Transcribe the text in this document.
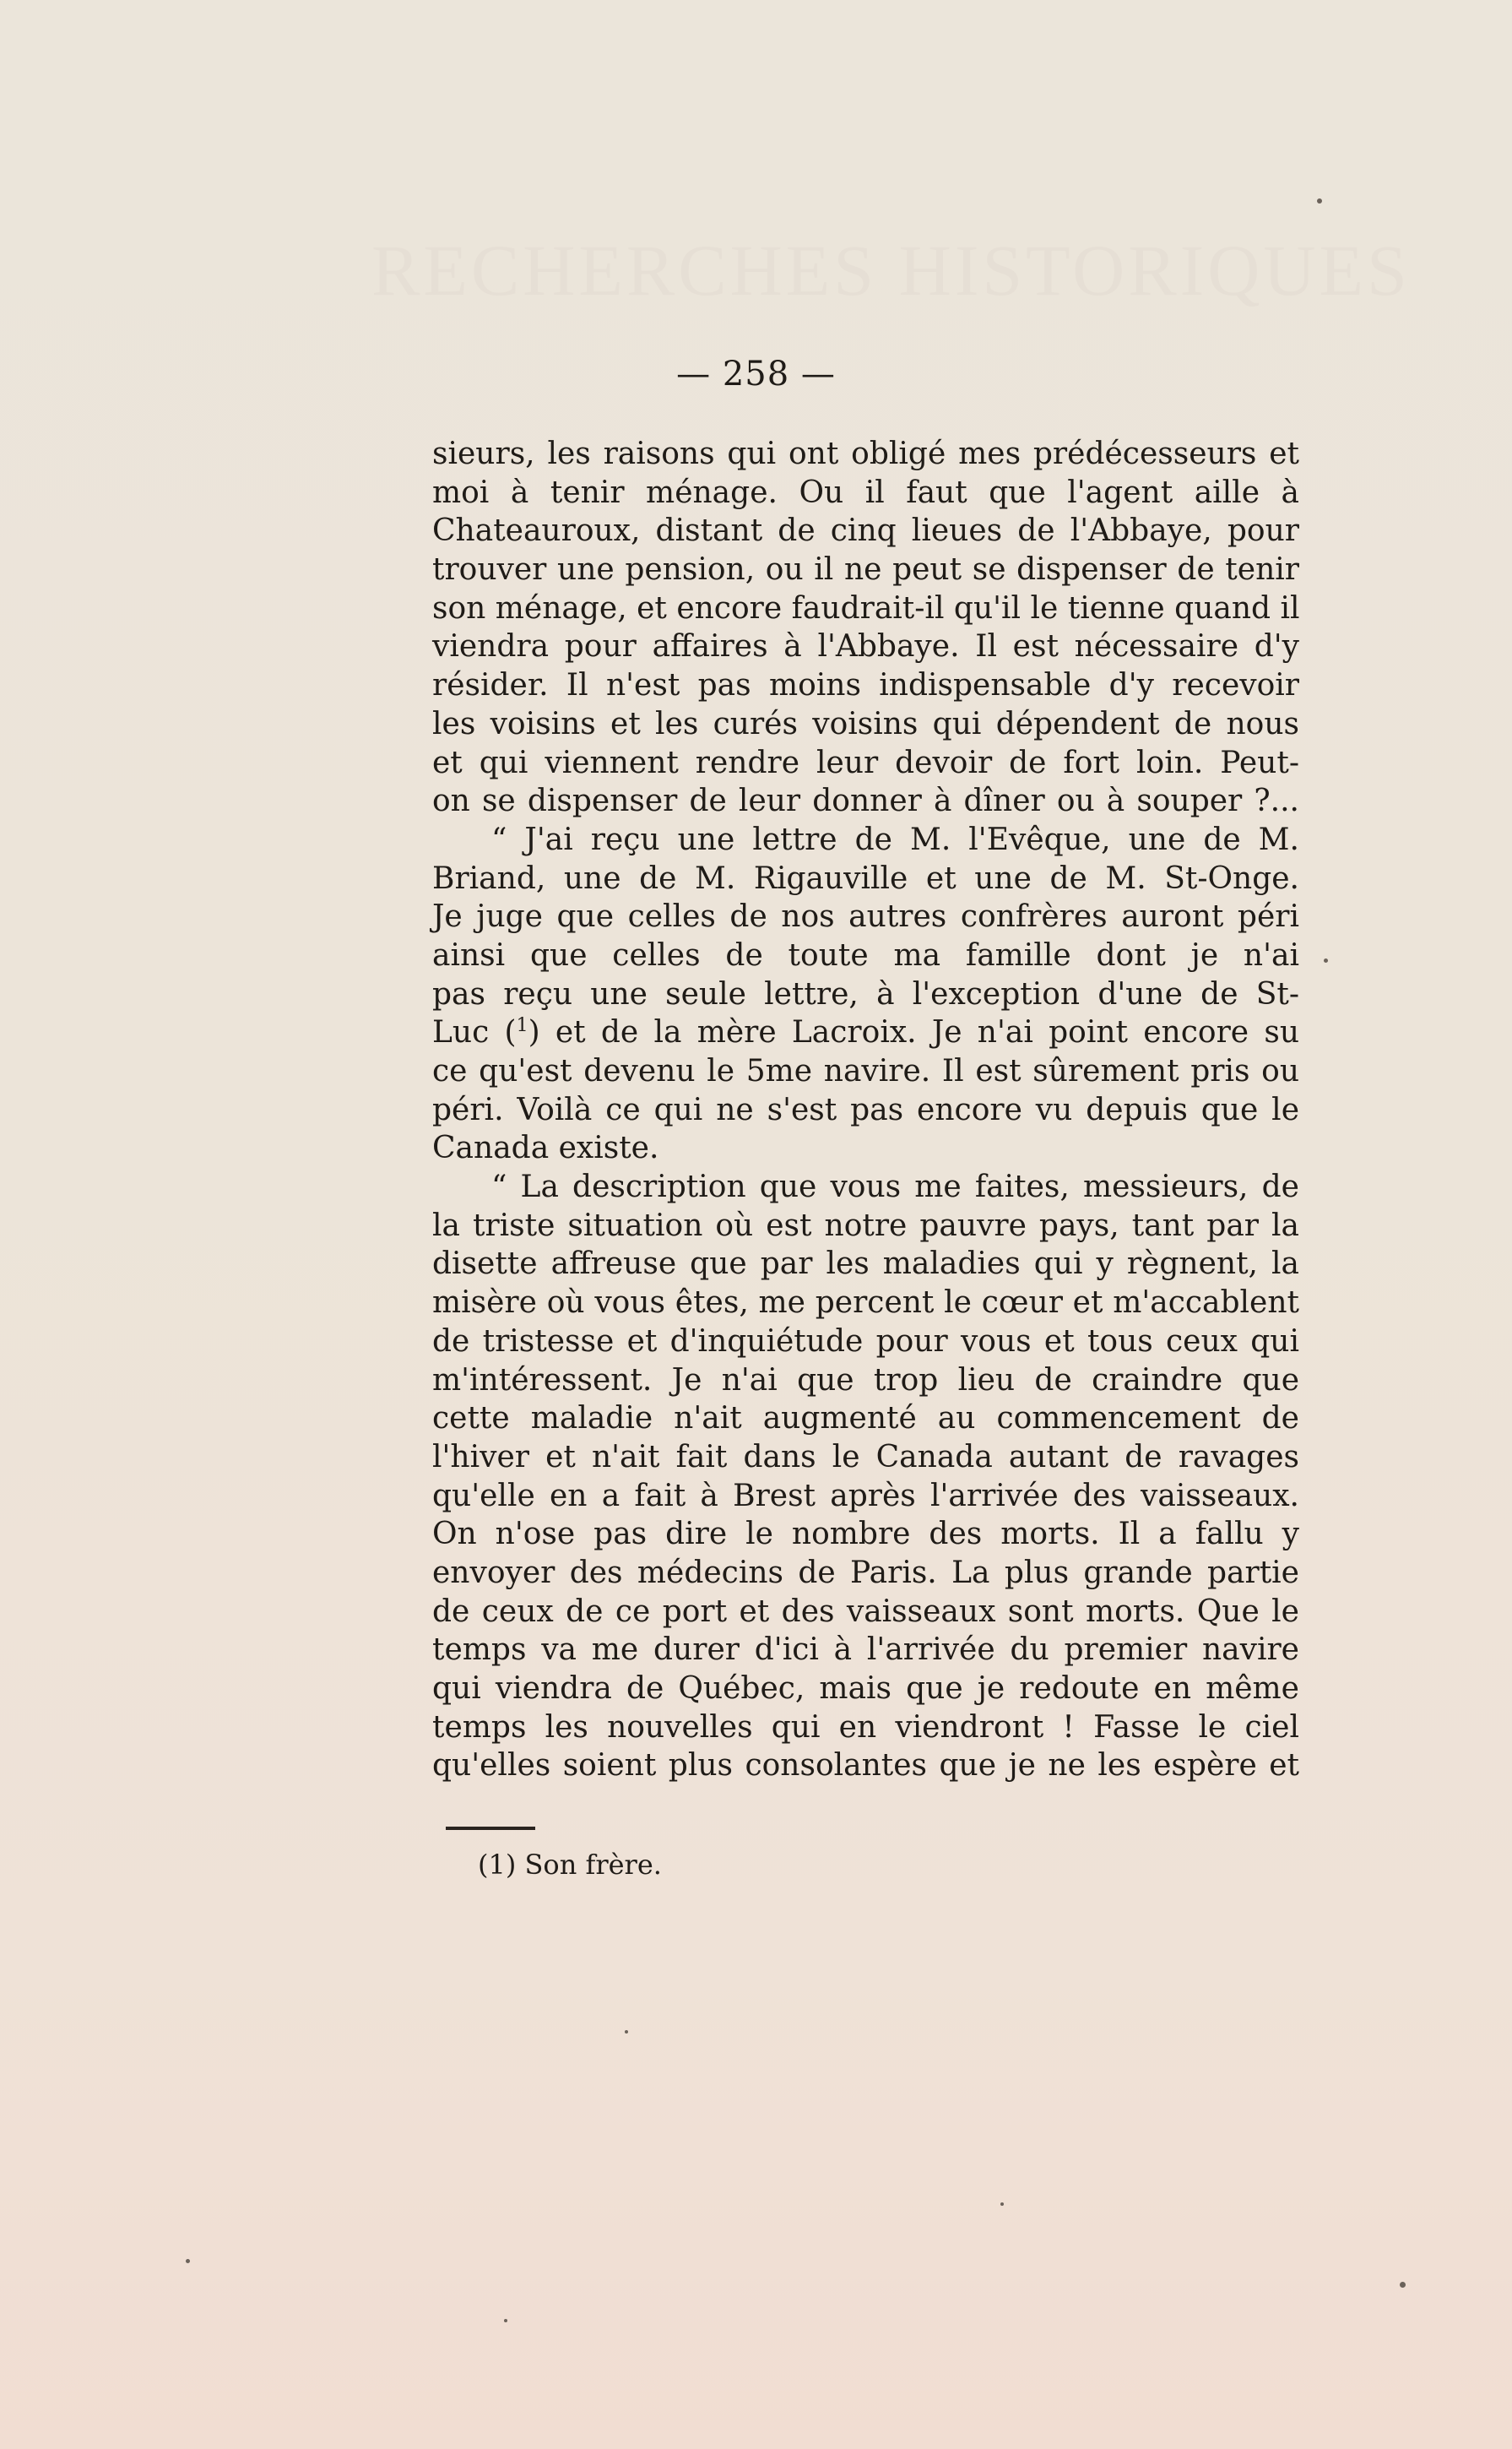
RECHERCHES HISTORIQUES
— 258 —
sieurs, les raisons qui ont obligé mes prédécesseurs et
moi à tenir ménage. Ou il faut que l'agent aille à
Chateauroux, distant de cinq lieues de l'Abbaye, pour
trouver une pension, ou il ne peut se dispenser de tenir
son ménage, et encore faudrait-il qu'il le tienne quand il
viendra pour affaires à l'Abbaye. Il est nécessaire d'y
résider. Il n'est pas moins indispensable d'y recevoir
les voisins et les curés voisins qui dépendent de nous
et qui viennent rendre leur devoir de fort loin. Peut-
on se dispenser de leur donner à dîner ou à souper ?...
“ J'ai reçu une lettre de M. l'Evêque, une de M.
Briand, une de M. Rigauville et une de M. St-Onge.
Je juge que celles de nos autres confrères auront péri
ainsi que celles de toute ma famille dont je n'ai
pas reçu une seule lettre, à l'exception d'une de St-
Luc ($^1$) et de la mère Lacroix. Je n'ai point encore su
ce qu'est devenu le 5me navire. Il est sûrement pris ou
péri. Voilà ce qui ne s'est pas encore vu depuis que le
Canada existe.
“ La description que vous me faites, messieurs, de
la triste situation où est notre pauvre pays, tant par la
disette affreuse que par les maladies qui y règnent, la
misère où vous êtes, me percent le cœur et m'accablent
de tristesse et d'inquiétude pour vous et tous ceux qui
m'intéressent. Je n'ai que trop lieu de craindre que
cette maladie n'ait augmenté au commencement de
l'hiver et n'ait fait dans le Canada autant de ravages
qu'elle en a fait à Brest après l'arrivée des vaisseaux.
On n'ose pas dire le nombre des morts. Il a fallu y
envoyer des médecins de Paris. La plus grande partie
de ceux de ce port et des vaisseaux sont morts. Que le
temps va me durer d'ici à l'arrivée du premier navire
qui viendra de Québec, mais que je redoute en même
temps les nouvelles qui en viendront ! Fasse le ciel
qu'elles soient plus consolantes que je ne les espère et
(1) Son frère.
